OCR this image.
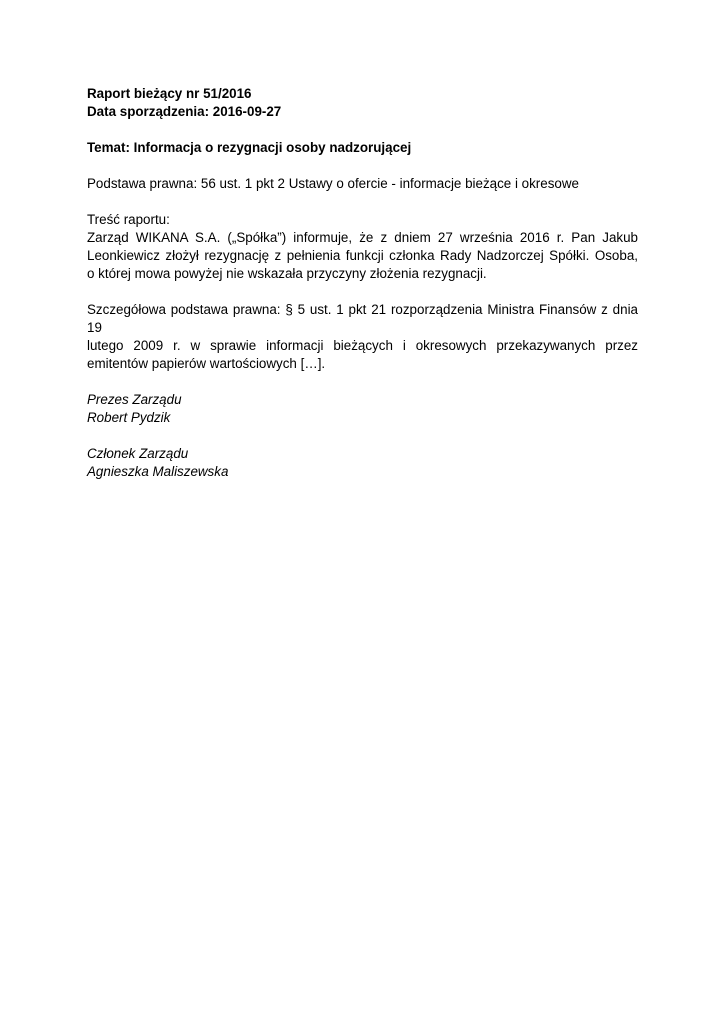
Raport bieżący nr 51/2016
Data sporządzenia: 2016-09-27
Temat: Informacja o rezygnacji osoby nadzorującej
Podstawa prawna: 56 ust. 1 pkt 2 Ustawy o ofercie - informacje bieżące i okresowe
Treść raportu:
Zarząd WIKANA S.A. („Spółka”) informuje, że z dniem 27 września 2016 r. Pan Jakub
Leonkiewicz złożył rezygnację z pełnienia funkcji członka Rady Nadzorczej Spółki. Osoba,
o której mowa powyżej nie wskazała przyczyny złożenia rezygnacji.
Szczegółowa podstawa prawna: § 5 ust. 1 pkt 21 rozporządzenia Ministra Finansów z dnia 19
lutego 2009 r. w sprawie informacji bieżących i okresowych przekazywanych przez
emitentów papierów wartościowych […].
Prezes Zarządu
Robert Pydzik
Członek Zarządu
Agnieszka Maliszewska
